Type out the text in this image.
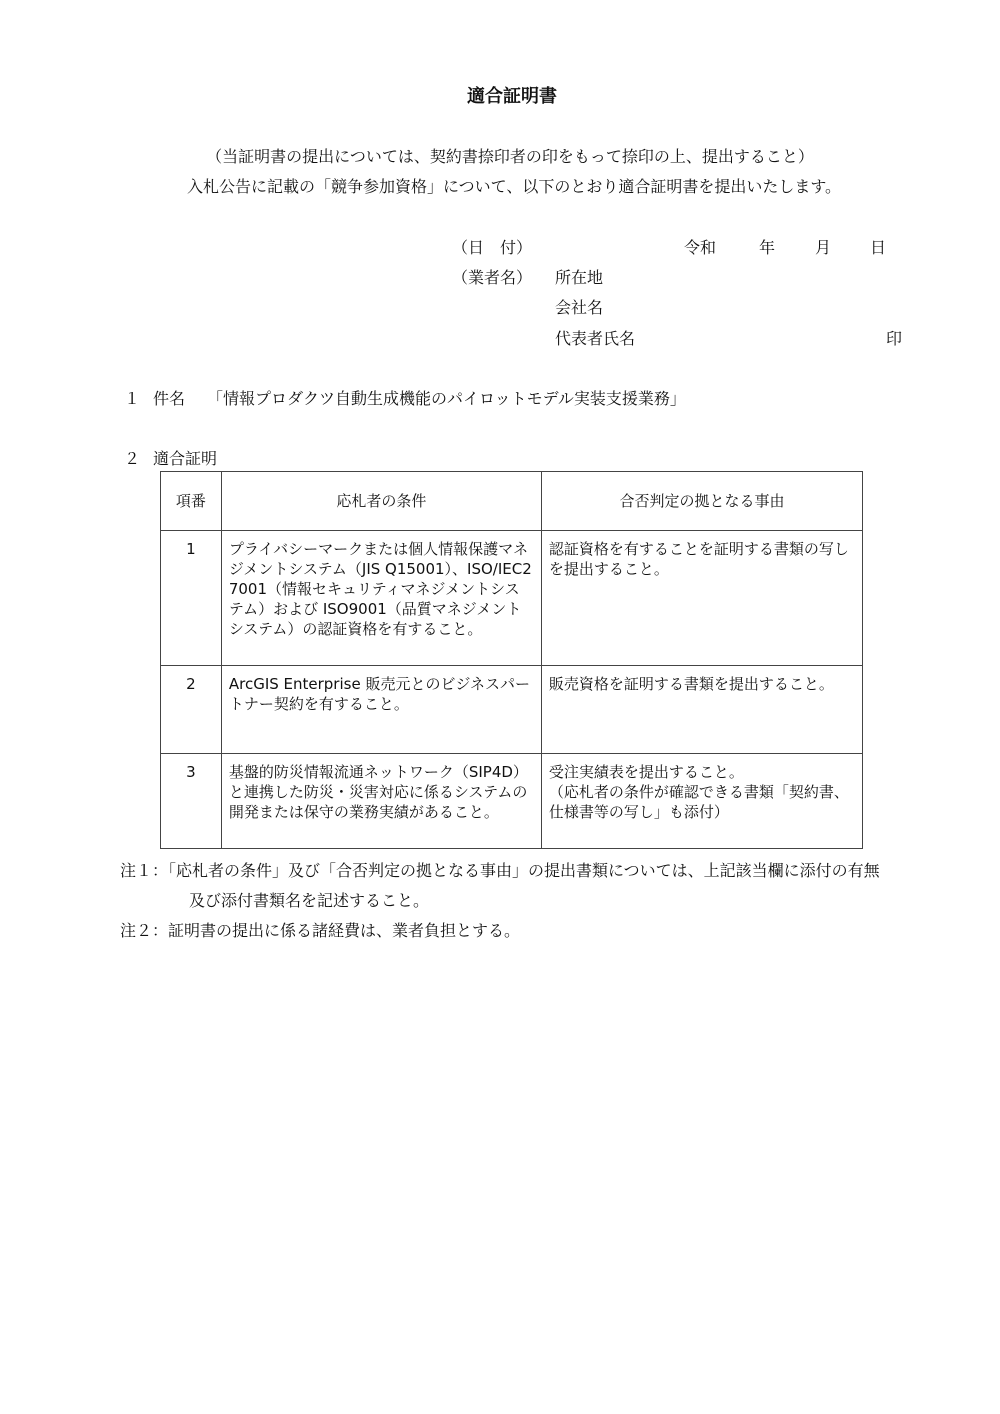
適合証明書
（当証明書の提出については、契約書捺印者の印をもって捺印の上、提出すること）
入札公告に記載の「競争参加資格」について、以下のとおり適合証明書を提出いたします。
（日　付）	令和	年 月 日
（業者名） 所在地
会社名
代表者氏名	印
１ 件名 「情報プロダクツ自動生成機能のパイロットモデル実装支援業務」
２ 適合証明
項番	応札者の条件	合否判定の拠となる事由

1	プライバシーマークまたは個人情報保護マネジメントシステム（JIS Q15001）、ISO/IEC27001（情報セキュリティマネジメントシステム）および ISO9001（品質マネジメントシステム）の認証資格を有すること。	認証資格を有することを証明する書類の写しを提出すること。

2	ArcGIS Enterprise 販売元とのビジネスパートナー契約を有すること。	販売資格を証明する書類を提出すること。

3	基盤的防災情報流通ネットワーク（SIP4D）と連携した防災・災害対応に係るシステムの開発または保守の業務実績があること。	受注実績表を提出すること。
（応札者の条件が確認できる書類「契約書、仕様書等の写し」も添付）
注１：「応札者の条件」及び「合否判定の拠となる事由」の提出書類については、上記該当欄に添付の有無
及び添付書類名を記述すること。
注２：証明書の提出に係る諸経費は、業者負担とする。
